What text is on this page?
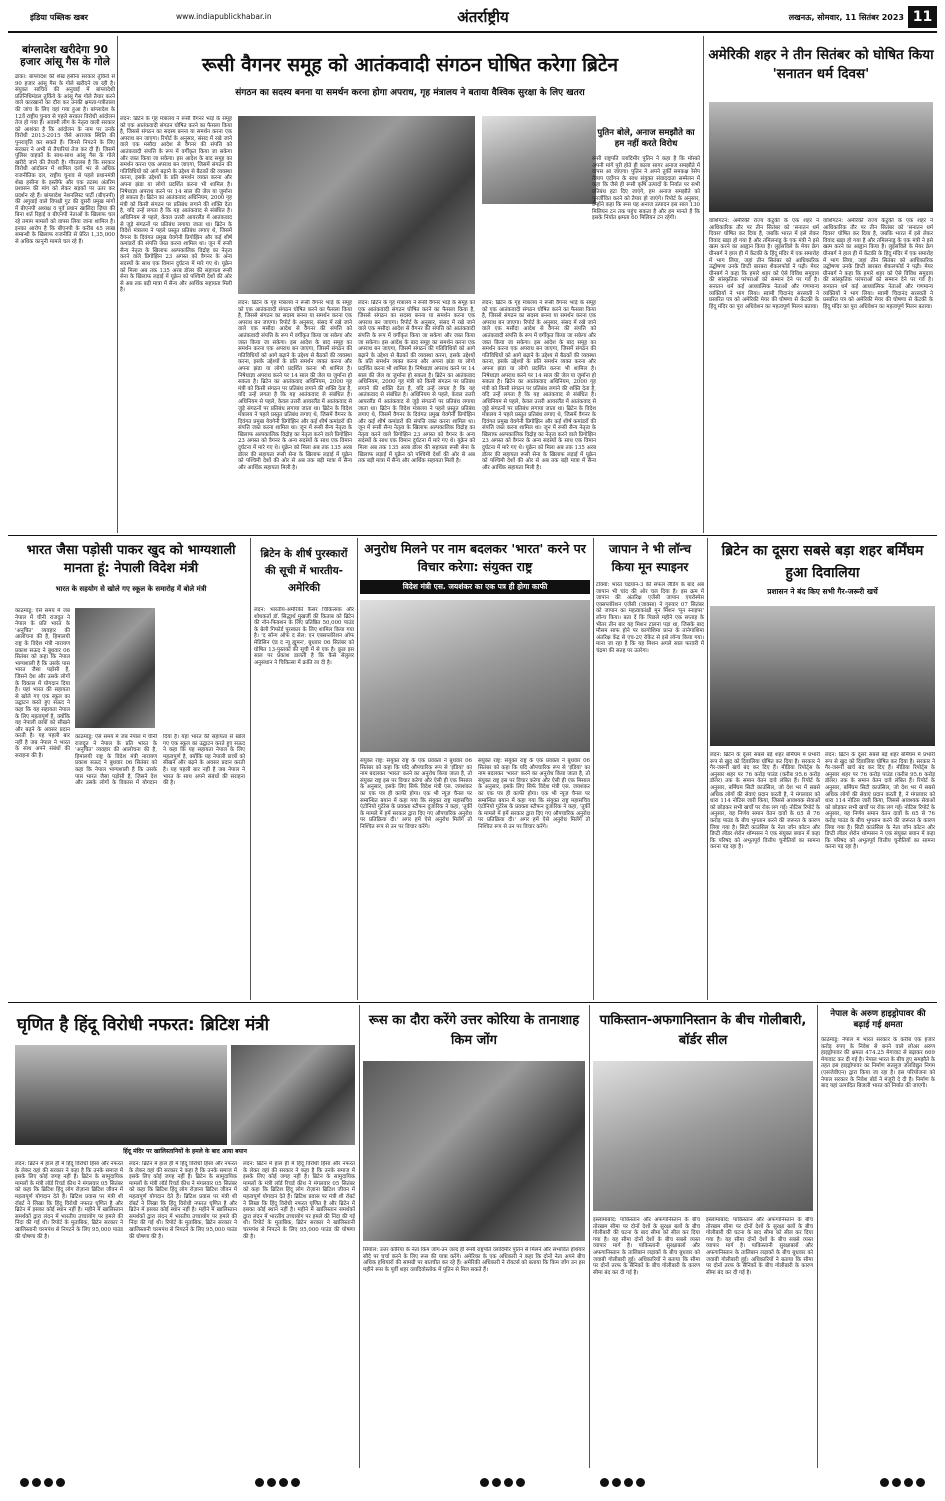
इंडिया पब्लिक खबर	www.indiapublickhabar.in	अंतर्राष्ट्रीय	लखनऊ, सोमवार, 11 सितंबर 2023 11
बांग्लादेश खरीदेगा 90 हजार आंसू गैस के गोले
ढाका: बांग्लादेश की शेख हसीना सरकार तुर्किये से 90 हजार आंसू गैस के गोले खरीदने जा रही है। संयुक्त साचिव की अनुवाई में बांग्लादेशी प्रतिनिधिमंडल तुर्किये के आंसू गैस गोले तैयार करने वाले कारखानों का दौरा कर उनकी क्षमता-पत्रीताला की जांच के लिए वहां गया हुआ है। बांग्लादेश के 12वें राष्ट्रीय चुनाव से पहले सरकार विरोधी आंदोलन तेज हो गया है। अवामी लीग के नेतृत्व वाली सरकार को आशंका है कि आंदोलन के नाम पर उनके विरोधी 2013-2015 जैसे अराजक स्थिति की पुनरावृत्ति कर सकते हैं। जिनसे निपटने के लिए सरकार ने अभी से तैयारियां तेज कर दी हैं। जिसमें पुलिस वाहकों के साथ-साथ आंसू गैस के गोले खरीदे जाने की तैयारी है। गौरतलब है कि सरकार विरोधी आंदोलन में शामिल दलों भर से अधिक राजनीतिक दल, राष्ट्रीय चुनाव से पहले प्रधानमंत्री शेख हसीना के इस्तीफे और एक तटस्थ अंतरिम प्रशासन की मांग को लेकर सड़कों पर उतर कर प्रदर्शन रहे हैं। बांग्लादेश नेशनलिस्ट पार्टी (बीएनपी) की अगुवाई वाले विपक्षी गुट की दूसरी प्रमुख मांगों में बीएनपी अध्यक्ष व पूर्व प्रधान खालिदा ज़िया की बिना शर्त रिहाई व बीएनपी नेताओं के खिलाफ चल रहे तमाम मामलों को वापस लिया जाना शामिल है। इनका आरोप है कि बीएनपी के करीब 45 लाख सम्बन्धी के खिलाफ राजनीति से प्रेरित 1,35,000 से अधिक कानूनी मामले चल रहे हैं।
रूसी वैगनर समूह को आतंकवादी संगठन घोषित करेगा ब्रिटेन
संगठन का सदस्य बनना या समर्थन करना होगा अपराध, गृह मंत्रालय ने बताया वैश्विक सुरक्षा के लिए खतरा
लंदन: ब्रिटेन के गृह मंत्रालय ने रूसी वैगनर भाड़े के समूह को एक आतंकवादी संगठन घोषित करने का फैसला किया है, जिससे संगठन का सदस्य बनना या समर्थन करना एक अपराध बन जाएगा। रिपोर्ट के अनुसार, संसद में रखे जाने वाले एक मसौदा आदेश से वैगनर की संपत्ति को आतंकवादी संपत्ति के रूप में वर्गीकृत किया जा सकेगा और जब्त किया जा सकेगा। इस आदेश के बाद समूह का समर्थन करना एक अपराध बन जाएगा, जिसमें संगठन की गतिविधियों को आगे बढ़ाने के उद्देश्य से बैठकों की व्यवस्था करना, इसके उद्देश्यों के प्रति समर्थन व्यक्त करना और अपना झंडा या लोगो प्रदर्शित करना भी शामिल है। निषेधाज्ञा अपराध करने पर 14 साल की जेल या जुर्माना हो सकता है। ब्रिटेन का आतंकवाद अधिनियम, 2000 गृह मंत्री को किसी संगठन पर प्रतिबंध लगाने की शक्ति देता है, यदि उन्हें लगता है कि यह आतंकवाद से संबंधित है। अधिनियम से पहले, केवल उत्तरी आयरलैंड में आतंकवाद से जुड़े संगठनों पर प्रतिबंध लगाया जाता था। ब्रिटेन के विदेश मंत्रालय ने पहले प्रस्तुत प्रतिबंध लगाए थे, जिसमें वैगनर के दिवंगत प्रमुख येवगेनी प्रिगोझिन और कई शीर्ष कमांडरों की संपत्ति जब्त करना शामिल था। जून में रूसी सैन्य नेतृत्व के खिलाफ अल्पकालिक विद्रोह का नेतृत्व करने वाले प्रिगोझिन 23 अगस्त को वैगनर के अन्य सदस्यों के साथ एक विमान दुर्घटना में मारे गए थे। यूक्रेन को मिला अब तक 135 अरब डॉलर की सहायता रूसी सेना के खिलाफ लड़ाई में यूक्रेन को पश्चिमी देशों की ओर से अब तक बड़ी मात्रा में सैन्य और आर्थिक सहायता मिली है।
लंदन: ब्रिटेन के गृह मंत्रालय ने रूसी वैगनर भाड़े के समूह को एक आतंकवादी संगठन घोषित करने का फैसला किया है, जिससे संगठन का सदस्य बनना या समर्थन करना एक अपराध बन जाएगा। रिपोर्ट के अनुसार, संसद में रखे जाने वाले एक मसौदा आदेश से वैगनर की संपत्ति को आतंकवादी संपत्ति के रूप में वर्गीकृत किया जा सकेगा और जब्त किया जा सकेगा। इस आदेश के बाद समूह का समर्थन करना एक अपराध बन जाएगा, जिसमें संगठन की गतिविधियों को आगे बढ़ाने के उद्देश्य से बैठकों की व्यवस्था करना, इसके उद्देश्यों के प्रति समर्थन व्यक्त करना और अपना झंडा या लोगो प्रदर्शित करना भी शामिल है। निषेधाज्ञा अपराध करने पर 14 साल की जेल या जुर्माना हो सकता है। ब्रिटेन का आतंकवाद अधिनियम, 2000 गृह मंत्री को किसी संगठन पर प्रतिबंध लगाने की शक्ति देता है, यदि उन्हें लगता है कि यह आतंकवाद से संबंधित है। अधिनियम से पहले, केवल उत्तरी आयरलैंड में आतंकवाद से जुड़े संगठनों पर प्रतिबंध लगाया जाता था। ब्रिटेन के विदेश मंत्रालय ने पहले प्रस्तुत प्रतिबंध लगाए थे, जिसमें वैगनर के दिवंगत प्रमुख येवगेनी प्रिगोझिन और कई शीर्ष कमांडरों की संपत्ति जब्त करना शामिल था। जून में रूसी सैन्य नेतृत्व के खिलाफ अल्पकालिक विद्रोह का नेतृत्व करने वाले प्रिगोझिन 23 अगस्त को वैगनर के अन्य सदस्यों के साथ एक विमान दुर्घटना में मारे गए थे। यूक्रेन को मिला अब तक 135 अरब डॉलर की सहायता रूसी सेना के खिलाफ लड़ाई में यूक्रेन को पश्चिमी देशों की ओर से अब तक बड़ी मात्रा में सैन्य और आर्थिक सहायता मिली है।
लंदन: ब्रिटेन के गृह मंत्रालय ने रूसी वैगनर भाड़े के समूह को एक आतंकवादी संगठन घोषित करने का फैसला किया है, जिससे संगठन का सदस्य बनना या समर्थन करना एक अपराध बन जाएगा। रिपोर्ट के अनुसार, संसद में रखे जाने वाले एक मसौदा आदेश से वैगनर की संपत्ति को आतंकवादी संपत्ति के रूप में वर्गीकृत किया जा सकेगा और जब्त किया जा सकेगा। इस आदेश के बाद समूह का समर्थन करना एक अपराध बन जाएगा, जिसमें संगठन की गतिविधियों को आगे बढ़ाने के उद्देश्य से बैठकों की व्यवस्था करना, इसके उद्देश्यों के प्रति समर्थन व्यक्त करना और अपना झंडा या लोगो प्रदर्शित करना भी शामिल है। निषेधाज्ञा अपराध करने पर 14 साल की जेल या जुर्माना हो सकता है। ब्रिटेन का आतंकवाद अधिनियम, 2000 गृह मंत्री को किसी संगठन पर प्रतिबंध लगाने की शक्ति देता है, यदि उन्हें लगता है कि यह आतंकवाद से संबंधित है। अधिनियम से पहले, केवल उत्तरी आयरलैंड में आतंकवाद से जुड़े संगठनों पर प्रतिबंध लगाया जाता था। ब्रिटेन के विदेश मंत्रालय ने पहले प्रस्तुत प्रतिबंध लगाए थे, जिसमें वैगनर के दिवंगत प्रमुख येवगेनी प्रिगोझिन और कई शीर्ष कमांडरों की संपत्ति जब्त करना शामिल था। जून में रूसी सैन्य नेतृत्व के खिलाफ अल्पकालिक विद्रोह का नेतृत्व करने वाले प्रिगोझिन 23 अगस्त को वैगनर के अन्य सदस्यों के साथ एक विमान दुर्घटना में मारे गए थे। यूक्रेन को मिला अब तक 135 अरब डॉलर की सहायता रूसी सेना के खिलाफ लड़ाई में यूक्रेन को पश्चिमी देशों की ओर से अब तक बड़ी मात्रा में सैन्य और आर्थिक सहायता मिली है।
लंदन: ब्रिटेन के गृह मंत्रालय ने रूसी वैगनर भाड़े के समूह को एक आतंकवादी संगठन घोषित करने का फैसला किया है, जिससे संगठन का सदस्य बनना या समर्थन करना एक अपराध बन जाएगा। रिपोर्ट के अनुसार, संसद में रखे जाने वाले एक मसौदा आदेश से वैगनर की संपत्ति को आतंकवादी संपत्ति के रूप में वर्गीकृत किया जा सकेगा और जब्त किया जा सकेगा। इस आदेश के बाद समूह का समर्थन करना एक अपराध बन जाएगा, जिसमें संगठन की गतिविधियों को आगे बढ़ाने के उद्देश्य से बैठकों की व्यवस्था करना, इसके उद्देश्यों के प्रति समर्थन व्यक्त करना और अपना झंडा या लोगो प्रदर्शित करना भी शामिल है। निषेधाज्ञा अपराध करने पर 14 साल की जेल या जुर्माना हो सकता है। ब्रिटेन का आतंकवाद अधिनियम, 2000 गृह मंत्री को किसी संगठन पर प्रतिबंध लगाने की शक्ति देता है, यदि उन्हें लगता है कि यह आतंकवाद से संबंधित है। अधिनियम से पहले, केवल उत्तरी आयरलैंड में आतंकवाद से जुड़े संगठनों पर प्रतिबंध लगाया जाता था। ब्रिटेन के विदेश मंत्रालय ने पहले प्रस्तुत प्रतिबंध लगाए थे, जिसमें वैगनर के दिवंगत प्रमुख येवगेनी प्रिगोझिन और कई शीर्ष कमांडरों की संपत्ति जब्त करना शामिल था। जून में रूसी सैन्य नेतृत्व के खिलाफ अल्पकालिक विद्रोह का नेतृत्व करने वाले प्रिगोझिन 23 अगस्त को वैगनर के अन्य सदस्यों के साथ एक विमान दुर्घटना में मारे गए थे। यूक्रेन को मिला अब तक 135 अरब डॉलर की सहायता रूसी सेना के खिलाफ लड़ाई में यूक्रेन को पश्चिमी देशों की ओर से अब तक बड़ी मात्रा में सैन्य और आर्थिक सहायता मिली है।
पुतिन बोले, अनाज समझौते का हम नहीं करते विरोध
रूसी राष्ट्रपति व्लादिमीर पुतिन ने कहा है कि मॉस्को अपनी मांगें पूरी होते ही काला सागर अनाज समझौते में वापस आ जाएगा। पुतिन ने अपने तुर्की समकक्ष रेसेप तैय्यप एर्दोगन के साथ संयुक्त संवाददाता सम्मेलन में कहा कि जैसे ही रूसी कृषि उत्पादों के निर्यात पर सभी प्रतिबंध हटा दिए जाएंगे, हम अनाज समझौते को पुनर्जीवित करने को तैयार हो जाएंगे। रिपोर्ट के अनुसार, उन्होंने कहा कि रूस यह अनाज उत्पादन इस साल 130 मिलियन टन तक पहुंच सकता है और हम मानते हैं कि इसके निर्यात क्षमता 60 मिलियन टन रहेगी।
अमेरिकी शहर ने तीन सितंबर को घोषित किया 'सनातन धर्म दिवस'
वाशिंगटन: अमेरिकी राज्य केंटुकी के एक शहर ने आधिकारिक तौर पर तीन सितंबर को 'सनातन धर्म दिवस' घोषित कर दिया है, जबकि भारत में इसे लेकर विवाद खड़ा हो गया है और तमिलनाडु के एक मंत्री ने इसे खत्म करने का आह्वान किया है। लुइसविले के मेयर क्रेग ग्रीनबर्ग ने हाल ही में केंटकी के हिंदू मंदिर में एक समारोह में भाग लिया, जहां तीन सितंबर को आधिकारिक उद्घोषणा उनके डिप्टी बारबरा शैकलफोर्ड ने पढ़ी। मेयर ग्रीनबर्ग ने कहा कि हमारे शहर को ऐसे विविध समुदाय की सांस्कृतिक परंपराओं को सम्मान देने पर गर्व है। सनातन धर्म कई आध्यात्मिक नेताओं और गणमान्य व्यक्तियों ने भाग लिया। स्वामी चिदानंद सरस्वती ने प्रसारित पत्र को अमेरिकी मेयर की घोषणा से केंटकी के हिंदू मंदिर का पूरा अधिवेशन का महत्वपूर्ण मिलन बताया।
वाशिंगटन: अमेरिकी राज्य केंटुकी के एक शहर ने आधिकारिक तौर पर तीन सितंबर को 'सनातन धर्म दिवस' घोषित कर दिया है, जबकि भारत में इसे लेकर विवाद खड़ा हो गया है और तमिलनाडु के एक मंत्री ने इसे खत्म करने का आह्वान किया है। लुइसविले के मेयर क्रेग ग्रीनबर्ग ने हाल ही में केंटकी के हिंदू मंदिर में एक समारोह में भाग लिया, जहां तीन सितंबर को आधिकारिक उद्घोषणा उनके डिप्टी बारबरा शैकलफोर्ड ने पढ़ी। मेयर ग्रीनबर्ग ने कहा कि हमारे शहर को ऐसे विविध समुदाय की सांस्कृतिक परंपराओं को सम्मान देने पर गर्व है। सनातन धर्म कई आध्यात्मिक नेताओं और गणमान्य व्यक्तियों ने भाग लिया। स्वामी चिदानंद सरस्वती ने प्रसारित पत्र को अमेरिकी मेयर की घोषणा से केंटकी के हिंदू मंदिर का पूरा अधिवेशन का महत्वपूर्ण मिलन बताया।
भारत जैसा पड़ोसी पाकर खुद को भाग्यशाली मानता हूं: नेपाली विदेश मंत्री
भारत के सहयोग से खोले गए स्कूल के समारोह में बोले मंत्री
काठमांडू: ऐसे समय में जब नेपाल में चीनी राजदूत ने नेपाल के प्रति भारत के 'अनुचित' व्यवहार की आलोचना की है, हिमालयी राष्ट्र के विदेश मंत्री नारायण प्रकाश सऊद ने बुधवार 06 सितंबर को कहा कि नेपाल भाग्यशाली है कि उसके पास भारत जैसा पड़ोसी है, जिसने देश और उसके लोगों के विकास में योगदान दिया है। यहां भारत की सहायता से खोले गए एक स्कूल का उद्घाटन करते हुए सऊद ने कहा कि यह सहायता नेपाल के लिए महत्वपूर्ण है, क्योंकि यह नेपाली छात्रों को सीखने और बढ़ने के अवसर प्रदान करती है। यह पहली बार नहीं है जब नेपाल ने भारत के साथ अपने संबंधों की सराहना की है।
काठमांडू: ऐसे समय में जब नेपाल में चीनी राजदूत ने नेपाल के प्रति भारत के 'अनुचित' व्यवहार की आलोचना की है, हिमालयी राष्ट्र के विदेश मंत्री नारायण प्रकाश सऊद ने बुधवार 06 सितंबर को कहा कि नेपाल भाग्यशाली है कि उसके पास भारत जैसा पड़ोसी है, जिसने देश और उसके लोगों के विकास में योगदान दिया है। यहां भारत की सहायता से खोले गए एक स्कूल का उद्घाटन करते हुए सऊद ने कहा कि यह सहायता नेपाल के लिए महत्वपूर्ण है, क्योंकि यह नेपाली छात्रों को सीखने और बढ़ने के अवसर प्रदान करती है। यह पहली बार नहीं है जब नेपाल ने भारत के साथ अपने संबंधों की सराहना की है।
ब्रिटेन के शीर्ष पुरस्कारों की सूची में भारतीय-अमेरिकी
लंदन: भारतीय-अमेरिकी कैंसर चिकित्सक और शोधकर्ता डॉ. सिद्धार्थ मुखर्जी की किताब को ब्रिटेन की नॉन-फिक्शन के लिए प्रतिष्ठित 50,000 पाउंड के बेली गिफोर्ड पुरस्कार के लिए शामिल किया गया है। 'द सॉन्ग ऑफ द सेल: एन एक्सप्लोरेशन ऑफ मेडिसिन एंड द न्यू ह्यूमन', बुधवार 06 सितंबर को घोषित 13-पुस्तकों की सूची में से एक है। कुछ इस साल पर प्रकाश डालती है कि कैसे सेलुलर अनुसंधान ने चिकित्सा में क्रांति ला दी है।
अनुरोध मिलने पर नाम बदलकर 'भारत' करने पर विचार करेगा: संयुक्त राष्ट्र
विदेश मंत्री एस. जयशंकर का एक पत्र ही होगा काफी
संयुक्त राष्ट्र: संयुक्त राष्ट्र के एक प्रवक्ता ने बुधवार 06 सितंबर को कहा कि यदि औपचारिक रूप से 'इंडिया' का नाम बदलकर 'भारत' करने का अनुरोध किया जाता है, तो संयुक्त राष्ट्र इस पर विचार करेगा और ऐसी ही एक मिसाल के अनुसार, इसके लिए सिर्फ विदेश मंत्री एस. जयशंकर का एक पत्र ही काफी होगा। एक भी न्यूज़ चैनल पर सम्बन्धित बयान में कहा गया कि संयुक्त राष्ट्र महासचिव एंटोनियो गुटेरेस के प्रवक्ता स्टीफन दुजारिक ने कहा, 'तुर्की के मामले में हमें सरकार द्वारा दिए गए औपचारिक अनुरोध पर प्रतिक्रिया दी।' अगर हमें ऐसे अनुरोध मिलेंगे तो निश्चित रूप से उन पर विचार करेंगे।
संयुक्त राष्ट्र: संयुक्त राष्ट्र के एक प्रवक्ता ने बुधवार 06 सितंबर को कहा कि यदि औपचारिक रूप से 'इंडिया' का नाम बदलकर 'भारत' करने का अनुरोध किया जाता है, तो संयुक्त राष्ट्र इस पर विचार करेगा और ऐसी ही एक मिसाल के अनुसार, इसके लिए सिर्फ विदेश मंत्री एस. जयशंकर का एक पत्र ही काफी होगा। एक भी न्यूज़ चैनल पर सम्बन्धित बयान में कहा गया कि संयुक्त राष्ट्र महासचिव एंटोनियो गुटेरेस के प्रवक्ता स्टीफन दुजारिक ने कहा, 'तुर्की के मामले में हमें सरकार द्वारा दिए गए औपचारिक अनुरोध पर प्रतिक्रिया दी।' अगर हमें ऐसे अनुरोध मिलेंगे तो निश्चित रूप से उन पर विचार करेंगे।
जापान ने भी लॉन्च किया मून स्पाइनर
टोक्यो: भारत चंद्रयान-3 की सफल लैंडिंग के बाद अब जापान भी चांद की ओर चल दिया है। इस क्रम में जापान की अंतरिक्ष एजेंसी जापान एयरोस्पेस एक्सप्लोरेशन एजेंसी (जाक्सा) ने गुरुवार 07 सितंबर को जापान का महत्वाकांक्षी मून मिशन 'मून स्नाइपर' लॉन्च किया। बता दें कि पिछले महीने एक सप्ताह के भीतर तीन बार यह मिशन टालना पड़ा था, जिसके बाद मौसम साफ होने पर कागोशिमा प्रान्त के तानेगाशिमा अंतरिक्ष केंद्र से एच-2ए रॉकेट से इसे लॉन्च किया गया। माना जा रहा है कि यह मिशन अगले साल फरवरी में चंद्रमा की सतह पर उतरेगा।
ब्रिटेन का दूसरा सबसे बड़ा शहर बर्मिंघम हुआ दिवालिया
प्रशासन ने बंद किए सभी गैर-जरूरी खर्चे
लंदन: ब्रिटेन के दूसरे सबसे बड़े शहर बर्मिंघम में प्रभारी रूप से खुद को दिवालिया घोषित कर दिया है। सरकार ने गैर-जरूरी खर्च बंद कर दिए हैं। मीडिया रिपोर्ट्स के अनुसार शहर पर 76 करोड़ पाउंड (करीब 95.6 करोड़ डॉलर) तक के समान वेतन दावे लंबित हैं। रिपोर्ट के अनुसार, बर्मिंघम सिटी काउंसिल, जो देश भर में सबसे अधिक लोगों की सेवाएं प्रदान करती है, ने मंगलवार को धारा 114 नोटिस जारी किया, जिससे आवश्यक सेवाओं को छोड़कर सभी खर्चों पर रोक लग गई। नोटिस रिपोर्ट के अनुसार, यह निर्णय समान वेतन दावों के 65 से 76 करोड़ पाउंड के बीच भुगतान करने की जरूरत के कारण लिया गया है। सिटी काउंसिल के नेता जॉन कॉटन और डिप्टी लीडर शेरोन थॉम्पसन ने एक संयुक्त बयान में कहा कि परिषद को अभूतपूर्व वित्तीय चुनौतियों का सामना करना पड़ रहा है।
लंदन: ब्रिटेन के दूसरे सबसे बड़े शहर बर्मिंघम में प्रभारी रूप से खुद को दिवालिया घोषित कर दिया है। सरकार ने गैर-जरूरी खर्च बंद कर दिए हैं। मीडिया रिपोर्ट्स के अनुसार शहर पर 76 करोड़ पाउंड (करीब 95.6 करोड़ डॉलर) तक के समान वेतन दावे लंबित हैं। रिपोर्ट के अनुसार, बर्मिंघम सिटी काउंसिल, जो देश भर में सबसे अधिक लोगों की सेवाएं प्रदान करती है, ने मंगलवार को धारा 114 नोटिस जारी किया, जिससे आवश्यक सेवाओं को छोड़कर सभी खर्चों पर रोक लग गई। नोटिस रिपोर्ट के अनुसार, यह निर्णय समान वेतन दावों के 65 से 76 करोड़ पाउंड के बीच भुगतान करने की जरूरत के कारण लिया गया है। सिटी काउंसिल के नेता जॉन कॉटन और डिप्टी लीडर शेरोन थॉम्पसन ने एक संयुक्त बयान में कहा कि परिषद को अभूतपूर्व वित्तीय चुनौतियों का सामना करना पड़ रहा है।
घृणित है हिंदू विरोधी नफरत: ब्रिटिश मंत्री
हिंदू मंदिर पर खालिस्तानियों के हमले के बाद आया बयान
लंदन: ब्रिटेन में हाल ही में हिंदू विरोधी हिंसा और नफरत के लेकर वहां की सरकार ने कहा है कि उनके समाज में इसके लिए कोई जगह नहीं है। ब्रिटेन के सामुदायिक मामलों के मंत्री लॉर्ड रिचर्ड कीथ ने मंगलवार 05 सितंबर को कहा कि ब्रिटिश हिंदू लोग रोज़ाना ब्रिटिश जीवन में महत्वपूर्ण योगदान देते हैं। ब्रिटिश प्रवास पर मंत्री शी रॉबर्ट ने लिखा कि हिंदू विरोधी नफरत घृणित है और ब्रिटेन में इसका कोई स्थान नहीं है। महीने में खालिस्तान समर्थकों द्वारा लंदन में भारतीय उच्चायोग पर हमले की निंदा की गई थी। रिपोर्ट के मुताबिक, ब्रिटेन सरकार ने खालिस्तानी चरमपंथ से निपटने के लिए 95,000 पाउंड की घोषणा की है।
लंदन: ब्रिटेन में हाल ही में हिंदू विरोधी हिंसा और नफरत के लेकर वहां की सरकार ने कहा है कि उनके समाज में इसके लिए कोई जगह नहीं है। ब्रिटेन के सामुदायिक मामलों के मंत्री लॉर्ड रिचर्ड कीथ ने मंगलवार 05 सितंबर को कहा कि ब्रिटिश हिंदू लोग रोज़ाना ब्रिटिश जीवन में महत्वपूर्ण योगदान देते हैं। ब्रिटिश प्रवास पर मंत्री शी रॉबर्ट ने लिखा कि हिंदू विरोधी नफरत घृणित है और ब्रिटेन में इसका कोई स्थान नहीं है। महीने में खालिस्तान समर्थकों द्वारा लंदन में भारतीय उच्चायोग पर हमले की निंदा की गई थी। रिपोर्ट के मुताबिक, ब्रिटेन सरकार ने खालिस्तानी चरमपंथ से निपटने के लिए 95,000 पाउंड की घोषणा की है।
लंदन: ब्रिटेन में हाल ही में हिंदू विरोधी हिंसा और नफरत के लेकर वहां की सरकार ने कहा है कि उनके समाज में इसके लिए कोई जगह नहीं है। ब्रिटेन के सामुदायिक मामलों के मंत्री लॉर्ड रिचर्ड कीथ ने मंगलवार 05 सितंबर को कहा कि ब्रिटिश हिंदू लोग रोज़ाना ब्रिटिश जीवन में महत्वपूर्ण योगदान देते हैं। ब्रिटिश प्रवास पर मंत्री शी रॉबर्ट ने लिखा कि हिंदू विरोधी नफरत घृणित है और ब्रिटेन में इसका कोई स्थान नहीं है। महीने में खालिस्तान समर्थकों द्वारा लंदन में भारतीय उच्चायोग पर हमले की निंदा की गई थी। रिपोर्ट के मुताबिक, ब्रिटेन सरकार ने खालिस्तानी चरमपंथ से निपटने के लिए 95,000 पाउंड की घोषणा की है।
रूस का दौरा करेंगे उत्तर कोरिया के तानाशाह किम जोंग
सियोल: उत्तर कोरिया के नेता किम जोंग-उन जल्द ही रूसी राष्ट्रपति व्लादिमीर पुतिन से मिलने और संभावित हथियार सौदे पर चर्चा करने के लिए रूस की यात्रा करेंगे। अमेरिका के एक अधिकारी ने कहा कि दोनों नेता अपने बीच अधिक हथियारों की सामग्री पर बातचीत कर रहे हैं। अमेरिकी अधिकारी ने रॉयटर्स को बताया कि किम जोंग उन इस महीने रूस के पूर्वी शहर व्लादिवोस्तोक में पुतिन से मिल सकते हैं।
पाकिस्तान-अफगानिस्तान के बीच गोलीबारी, बॉर्डर सील
इस्लामाबाद: पाकिस्तान और अफगानिस्तान के बीच तोरखम सीमा पर दोनों देशों के सुरक्षा बलों के बीच गोलीबारी की घटना के बाद सीमा को सील कर दिया गया है। यह सीमा दोनों देशों के बीच सबसे व्यस्त व्यापार मार्ग है। पाकिस्तानी सुरक्षाबलों और अफगानिस्तान के तालिबान लड़ाकों के बीच बुधवार को जवाबी गोलीबारी हुई। अधिकारियों ने बताया कि सीमा पर दोनों तरफ के सैनिकों के बीच गोलीबारी के कारण सीमा बंद कर दी गई है।
इस्लामाबाद: पाकिस्तान और अफगानिस्तान के बीच तोरखम सीमा पर दोनों देशों के सुरक्षा बलों के बीच गोलीबारी की घटना के बाद सीमा को सील कर दिया गया है। यह सीमा दोनों देशों के बीच सबसे व्यस्त व्यापार मार्ग है। पाकिस्तानी सुरक्षाबलों और अफगानिस्तान के तालिबान लड़ाकों के बीच बुधवार को जवाबी गोलीबारी हुई। अधिकारियों ने बताया कि सीमा पर दोनों तरफ के सैनिकों के बीच गोलीबारी के कारण सीमा बंद कर दी गई है।
नेपाल के अरुण हाइड्रोपावर की बढ़ाई गई क्षमता
काठमांडू: नेपाल में भारत सरकार के करीब एक हजार करोड़ रुपए के निवेश से बनने वाले लोअर अरुण हाइड्रोपावर की क्षमता 474.25 मेगावाट से बढ़ाकर 669 मेगावाट कर दी गई है। नेपाल भारत के बीच हुए समझौते के तहत इस हाइड्रोपावर का निर्माण सतलुज जलविद्युत निगम (एसजेवीएन) द्वारा किया जा रहा है। इस परियोजना को नेपाल सरकार के निवेश बोर्ड ने मंजूरी दे दी है। निर्माण के बाद यहां उत्पादित बिजली भारत को निर्यात की जाएगी।
